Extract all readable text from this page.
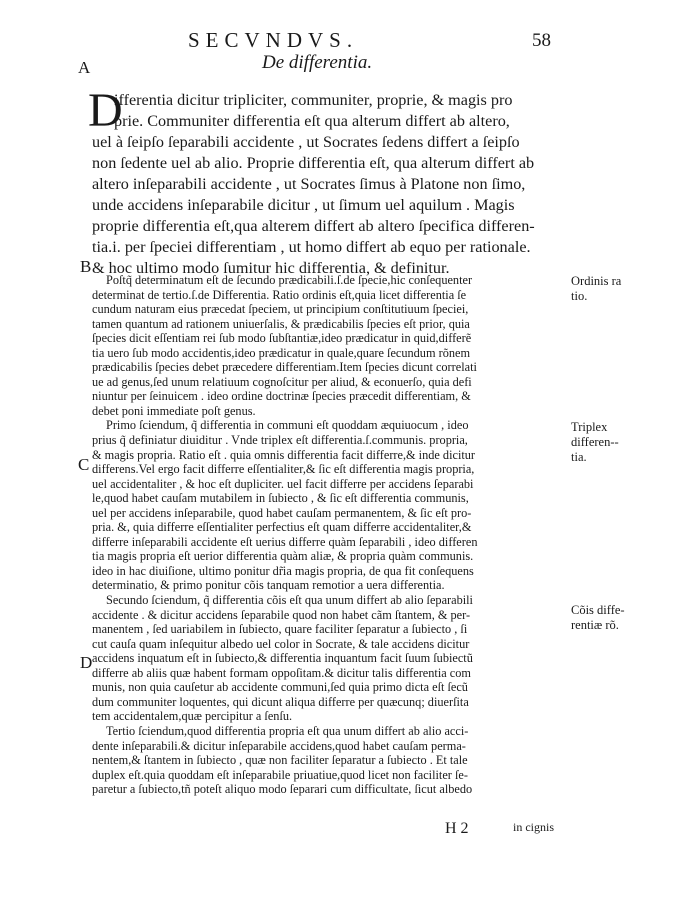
SECVNDVS.	58
A	De differentia.
D
ifferentia dicitur tripliciter, communiter, proprie, & magis pro
prie. Communiter differentia eſt qua alterum differt ab altero,
uel à ſeipſo ſeparabili accidente , ut Socrates ſedens differt a ſeipſo
non ſedente uel ab alio. Proprie differentia eſt, qua alterum differt ab
altero inſeparabili accidente , ut Socrates ſimus à Platone non ſimo,
unde accidens inſeparabile dicitur , ut ſimum uel aquilum . Magis
proprie differentia eſt,qua alterem differt ab altero ſpecifica differen-
tia.i. per ſpeciei differentiam , ut homo differt ab equo per rationale.
& hoc ultimo modo ſumitur hic differentia, & definitur.
B
C
D
Poſtq̃ determinatum eſt de ſecundo prædicabili.ſ.de ſpecie,hic conſequenter
determinat de tertio.ſ.de Differentia. Ratio ordinis eſt,quia licet differentia ſe
cundum naturam eius præcedat ſpeciem, ut principium conſtitutiuum ſpeciei,
tamen quantum ad rationem uniuerſalis, & prædicabilis ſpecies eſt prior, quia
ſpecies dicit eſſentiam rei ſub modo ſubſtantiæ,ideo prædicatur in quid,differẽ
tia uero ſub modo accidentis,ideo prædicatur in quale,quare ſecundum rõnem
prædicabilis ſpecies debet præcedere differentiam.Item ſpecies dicunt correlati
ue ad genus,ſed unum relatiuum cognoſcitur per aliud, & econuerſo, quia defi
niuntur per ſeinuicem . ideo ordine doctrinæ ſpecies præcedit differentiam, &
debet poni immediate poſt genus.
Primo ſciendum, q̃ differentia in communi eſt quoddam æquiuocum , ideo
prius q̃ definiatur diuiditur . Vnde triplex eſt differentia.ſ.communis. propria,
& magis propria. Ratio eſt . quia omnis differentia facit differre,& inde dicitur
differens.Vel ergo facit differre eſſentialiter,& ſic eſt differentia magis propria,
uel accidentaliter , & hoc eſt dupliciter. uel facit differre per accidens ſeparabi
le,quod habet cauſam mutabilem in ſubiecto , & ſic eſt differentia communis,
uel per accidens inſeparabile, quod habet cauſam permanentem, & ſic eſt pro-
pria. &, quia differre eſſentialiter perfectius eſt quam differre accidentaliter,&
differre inſeparabili accidente eſt uerius differre quàm ſeparabili , ideo differen
tia magis propria eſt uerior differentia quàm aliæ, & propria quàm communis.
ideo in hac diuiſione, ultimo ponitur dr̃ia magis propria, de qua fit conſequens
determinatio, & primo ponitur cõis tanquam remotior a uera differentia.
Secundo ſciendum, q̃ differentia cõis eſt qua unum differt ab alio ſeparabili
accidente . & dicitur accidens ſeparabile quod non habet cãm ſtantem, & per-
manentem , ſed uariabilem in ſubiecto, quare faciliter ſeparatur a ſubiecto , ſi
cut cauſa quam inſequitur albedo uel color in Socrate, & tale accidens dicitur
accidens inquatum eſt in ſubiecto,& differentia inquantum facit ſuum ſubiectũ
differre ab aliis quæ habent formam oppoſitam.& dicitur talis differentia com
munis, non quia cauſetur ab accidente communi,ſed quia primo dicta eſt ſecũ
dum communiter loquentes, qui dicunt aliqua differre per quæcunq; diuerſita
tem accidentalem,quæ percipitur a ſenſu.
Tertio ſciendum,quod differentia propria eſt qua unum differt ab alio acci-
dente inſeparabili.& dicitur inſeparabile accidens,quod habet cauſam perma-
nentem,& ſtantem in ſubiecto , quæ non faciliter ſeparatur a ſubiecto . Et tale
duplex eſt.quia quoddam eſt inſeparabile priuatiue,quod licet non faciliter ſe-
paretur a ſubiecto,tñ poteſt aliquo modo ſeparari cum difficultate, ſicut albedo
Ordinis ra
tio.
Triplex
differen--
tia.
Cõis diffe-
rentiæ rõ.
H 2	in cignis
